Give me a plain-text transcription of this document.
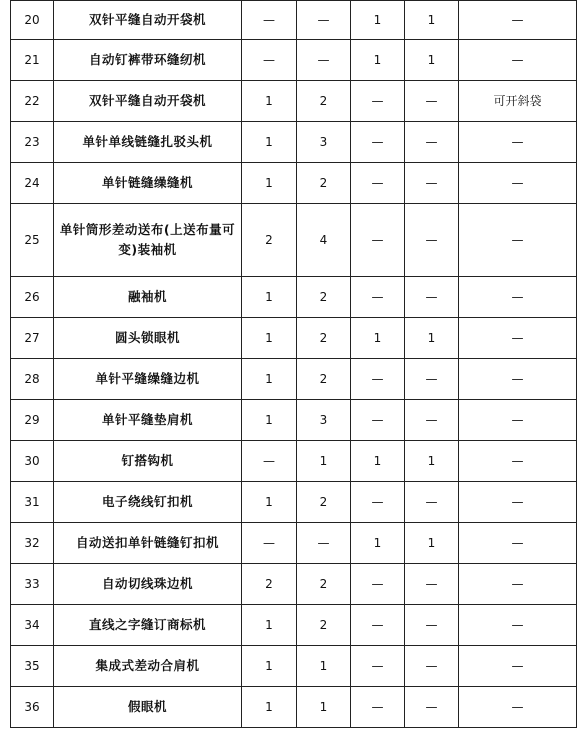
20	双针平缝自动开袋机	—	—	1	1	—
21	自动钉裤带环缝纫机	—	—	1	1	—
22	双针平缝自动开袋机	1	2	—	—	可开斜袋
23	单针单线链缝扎驳头机	1	3	—	—	—
24	单针链缝缲缝机	1	2	—	—	—
25	单针筒形差动送布(上送布量可变)装袖机	2	4	—	—	—
26	融袖机	1	2	—	—	—
27	圆头锁眼机	1	2	1	1	—
28	单针平缝缲缝边机	1	2	—	—	—
29	单针平缝垫肩机	1	3	—	—	—
30	钉搭钩机	—	1	1	1	—
31	电子绕线钉扣机	1	2	—	—	—
32	自动送扣单针链缝钉扣机	—	—	1	1	—
33	自动切线珠边机	2	2	—	—	—
34	直线之字缝订商标机	1	2	—	—	—
35	集成式差动合肩机	1	1	—	—	—
36	假眼机	1	1	—	—	—
